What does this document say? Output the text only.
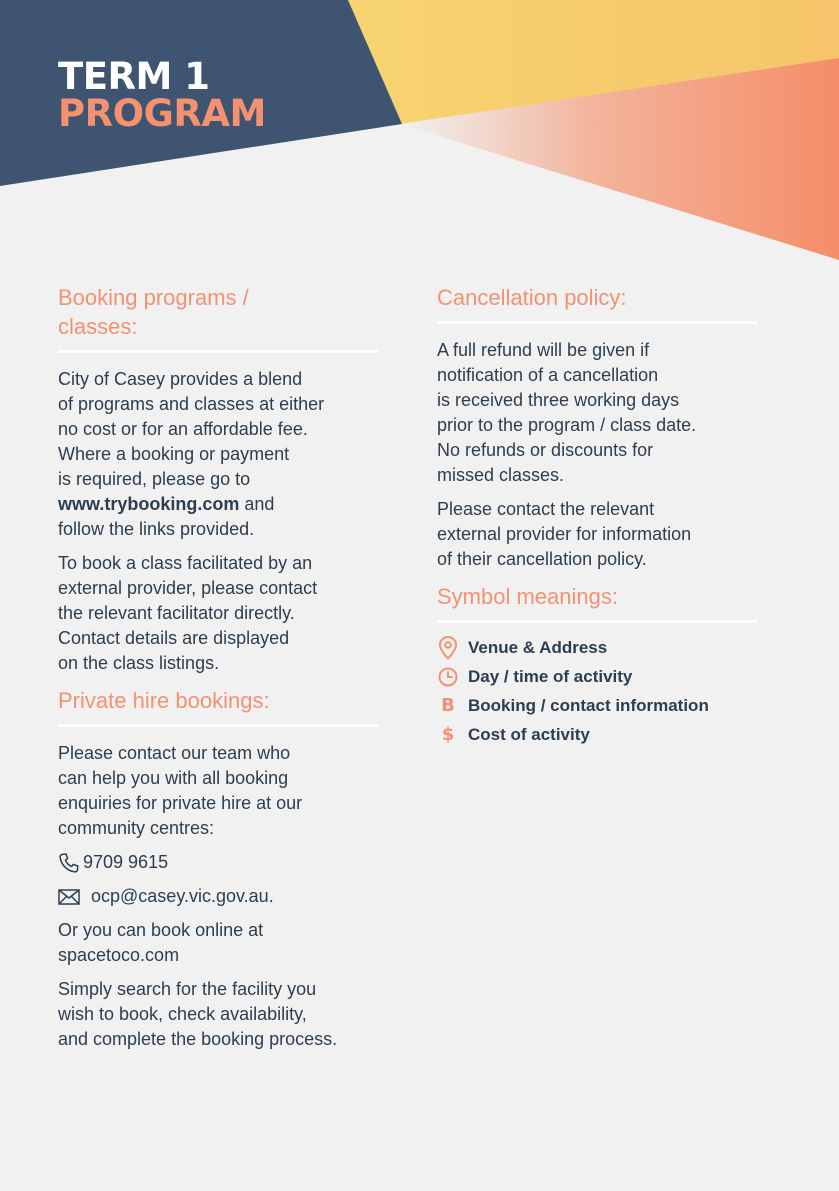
TERM 1
PROGRAM
Booking programs /
classes:

City of Casey provides a blend
of programs and classes at either
no cost or for an affordable fee.
Where a booking or payment
is required, please go to
www.trybooking.com and
follow the links provided.

To book a class facilitated by an
external provider, please contact
the relevant facilitator directly.
Contact details are displayed
on the class listings.

Private hire bookings:

Please contact our team who
can help you with all booking
enquiries for private hire at our
community centres:

9709 9615
ocp@casey.vic.gov.au.

Or you can book online at
spacetoco.com

Simply search for the facility you
wish to book, check availability,
and complete the booking process.

Cancellation policy:

A full refund will be given if
notification of a cancellation
is received three working days
prior to the program / class date.
No refunds or discounts for
missed classes.

Please contact the relevant
external provider for information
of their cancellation policy.

Symbol meanings:
Venue & Address
Day / time of activity
B Booking / contact information
$ Cost of activity
